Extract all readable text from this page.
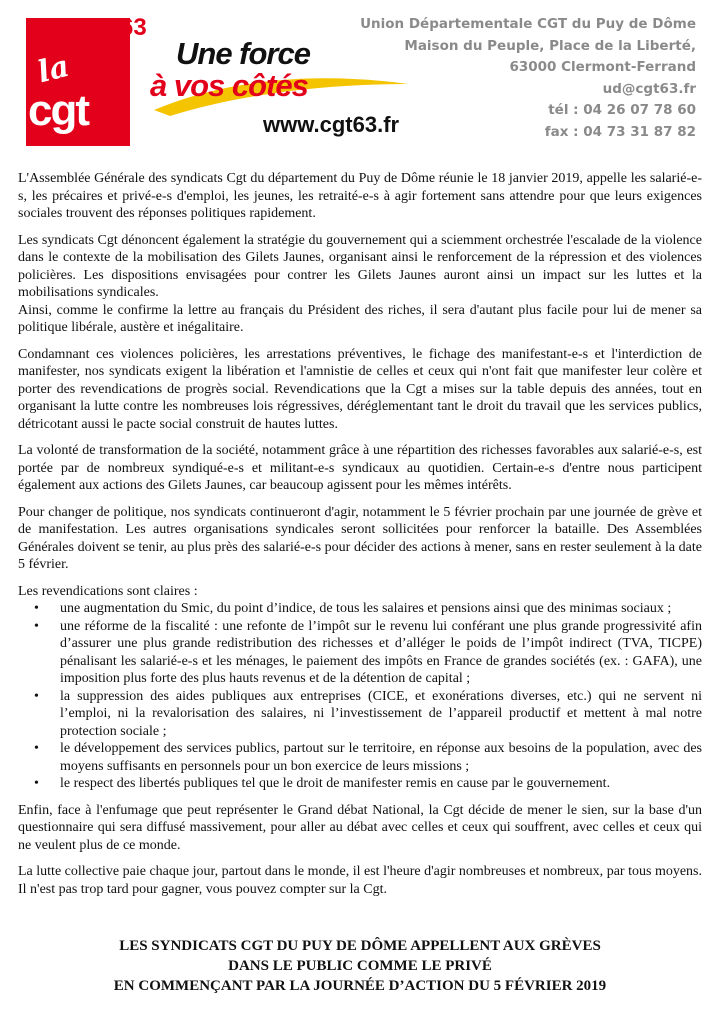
la
cgt
63
Une force
à vos côtés
www.cgt63.fr
Union Départementale CGT du Puy de Dôme
Maison du Peuple, Place de la Liberté,
63000 Clermont-Ferrand
ud@cgt63.fr
tél : 04 26 07 78 60
fax : 04 73 31 87 82

L'Assemblée Générale des syndicats Cgt du département du Puy de Dôme réunie le 18 janvier 2019, appelle les salarié-e-s, les précaires et privé-e-s d'emploi, les jeunes, les retraité-e-s à agir fortement sans attendre pour que leurs exigences sociales trouvent des réponses politiques rapidement.

Les syndicats Cgt dénoncent également la stratégie du gouvernement qui a sciemment orchestrée l'escalade de la violence dans le contexte de la mobilisation des Gilets Jaunes, organisant ainsi le renforcement de la répression et des violences policières. Les dispositions envisagées pour contrer les Gilets Jaunes auront ainsi un impact sur les luttes et la mobilisations syndicales.

Ainsi, comme le confirme la lettre au français du Président des riches, il sera d'autant plus facile pour lui de mener sa politique libérale, austère et inégalitaire.

Condamnant ces violences policières, les arrestations préventives, le fichage des manifestant-e-s et l'interdiction de manifester, nos syndicats exigent la libération et l'amnistie de celles et ceux qui n'ont fait que manifester leur colère et porter des revendications de progrès social. Revendications que la Cgt a mises sur la table depuis des années, tout en organisant la lutte contre les nombreuses lois régressives, déréglementant tant le droit du travail que les services publics, détricotant aussi le pacte social construit de hautes luttes.

La volonté de transformation de la société, notamment grâce à une répartition des richesses favorables aux salarié-e-s, est portée par de nombreux syndiqué-e-s et militant-e-s syndicaux au quotidien. Certain-e-s d'entre nous participent également aux actions des Gilets Jaunes, car beaucoup agissent pour les mêmes intérêts.

Pour changer de politique, nos syndicats continueront d'agir, notamment le 5 février prochain par une journée de grève et de manifestation. Les autres organisations syndicales seront sollicitées pour renforcer la bataille. Des Assemblées Générales doivent se tenir, au plus près des salarié-e-s pour décider des actions à mener, sans en rester seulement à la date 5 février.

Les revendications sont claires :

• une augmentation du Smic, du point d’indice, de tous les salaires et pensions ainsi que des minimas sociaux ;
• une réforme de la fiscalité : une refonte de l’impôt sur le revenu lui conférant une plus grande progressivité afin d’assurer une plus grande redistribution des richesses et d’alléger le poids de l’impôt indirect (TVA, TICPE) pénalisant les salarié-e-s et les ménages, le paiement des impôts en France de grandes sociétés (ex. : GAFA), une imposition plus forte des plus hauts revenus et de la détention de capital ;
• la suppression des aides publiques aux entreprises (CICE, et exonérations diverses, etc.) qui ne servent ni l’emploi, ni la revalorisation des salaires, ni l’investissement de l’appareil productif et mettent à mal notre protection sociale ;
• le développement des services publics, partout sur le territoire, en réponse aux besoins de la population, avec des moyens suffisants en personnels pour un bon exercice de leurs missions ;
• le respect des libertés publiques tel que le droit de manifester remis en cause par le gouvernement.

Enfin, face à l'enfumage que peut représenter le Grand débat National, la Cgt décide de mener le sien, sur la base d'un questionnaire qui sera diffusé massivement, pour aller au débat avec celles et ceux qui souffrent, avec celles et ceux qui ne veulent plus de ce monde.

La lutte collective paie chaque jour, partout dans le monde, il est l'heure d'agir nombreuses et nombreux, par tous moyens. Il n'est pas trop tard pour gagner, vous pouvez compter sur la Cgt.

LES SYNDICATS CGT DU PUY DE DÔME APPELLENT AUX GRÈVES
DANS LE PUBLIC COMME LE PRIVÉ
EN COMMENÇANT PAR LA JOURNÉE D’ACTION DU 5 FÉVRIER 2019
